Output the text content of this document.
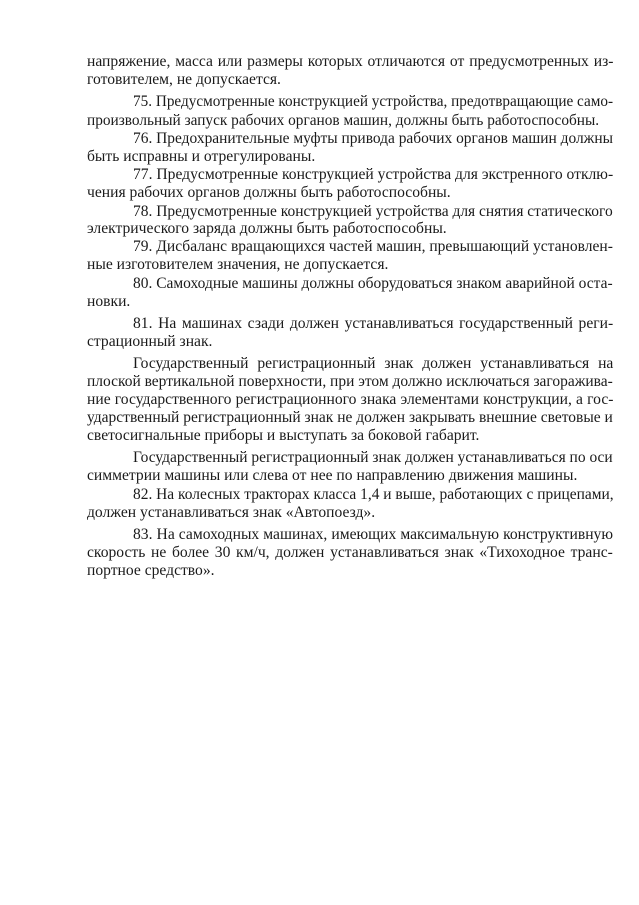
напряжение, масса или размеры которых отличаются от предусмотренных из-

готовителем, не допускается.

75. Предусмотренные конструкцией устройства, предотвращающие само-

произвольный запуск рабочих органов машин, должны быть работоспособны.

76. Предохранительные муфты привода рабочих органов машин должны

быть исправны и отрегулированы.

77. Предусмотренные конструкцией устройства для экстренного отклю-

чения рабочих органов должны быть работоспособны.

78. Предусмотренные конструкцией устройства для снятия статического

электрического заряда должны быть работоспособны.

79. Дисбаланс вращающихся частей машин, превышающий установлен-

ные изготовителем значения, не допускается.

80. Самоходные машины должны оборудоваться знаком аварийной оста-

новки.

81. На машинах сзади должен устанавливаться государственный реги-

страционный знак.

Государственный регистрационный знак должен устанавливаться на

плоской вертикальной поверхности, при этом должно исключаться загоражива-

ние государственного регистрационного знака элементами конструкции, а гос-

ударственный регистрационный знак не должен закрывать внешние световые и

светосигнальные приборы и выступать за боковой габарит.

Государственный регистрационный знак должен устанавливаться по оси

симметрии машины или слева от нее по направлению движения машины.

82. На колесных тракторах класса 1,4 и выше, работающих с прицепами,

должен устанавливаться знак «Автопоезд».

83. На самоходных машинах, имеющих максимальную конструктивную

скорость не более 30 км/ч, должен устанавливаться знак «Тихоходное транс-

портное средство».
